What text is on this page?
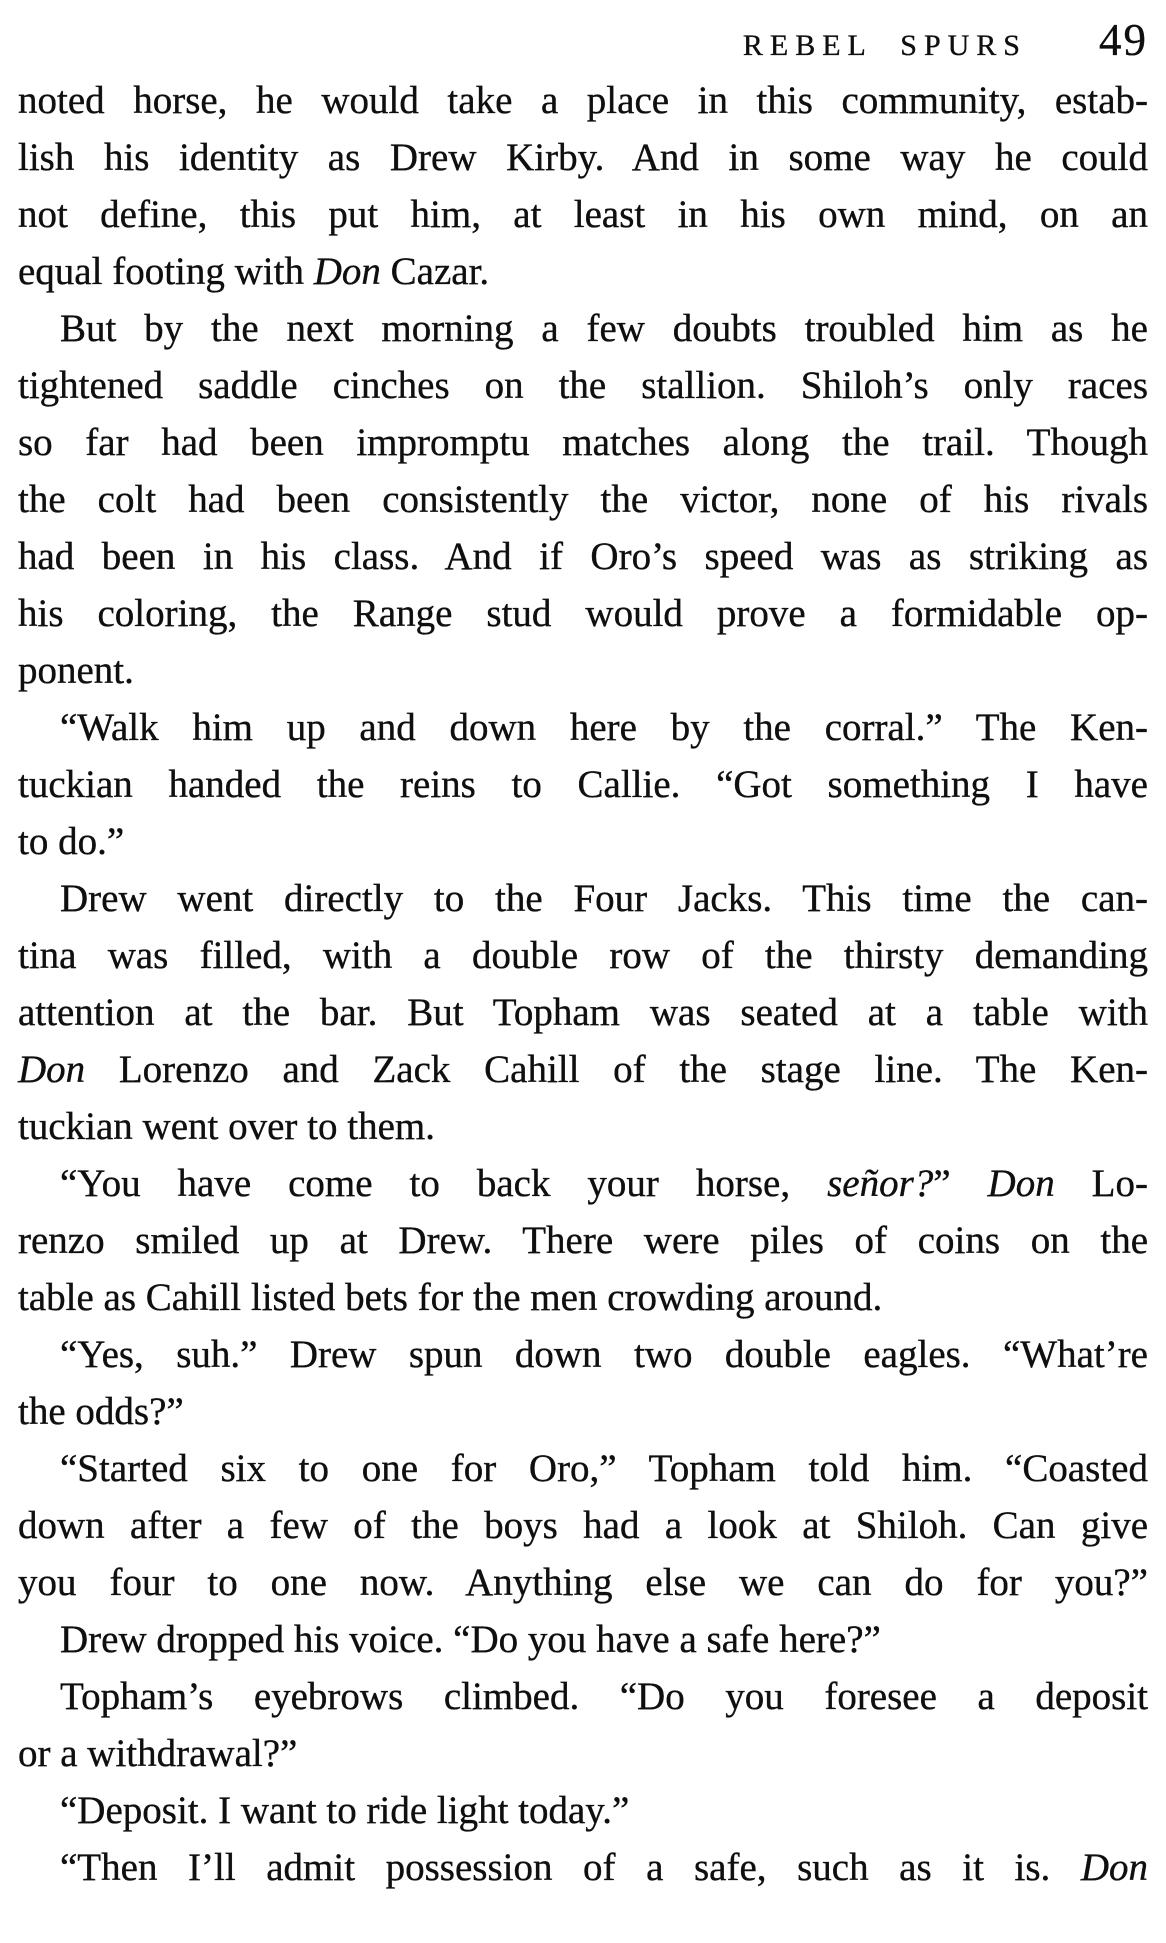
REBEL SPURS 49
noted horse, he would take a place in this community, estab-
lish his identity as Drew Kirby. And in some way he could
not define, this put him, at least in his own mind, on an
equal footing with Don Cazar.
But by the next morning a few doubts troubled him as he
tightened saddle cinches on the stallion. Shiloh’s only races
so far had been impromptu matches along the trail. Though
the colt had been consistently the victor, none of his rivals
had been in his class. And if Oro’s speed was as striking as
his coloring, the Range stud would prove a formidable op-
ponent.
“Walk him up and down here by the corral.” The Ken-
tuckian handed the reins to Callie. “Got something I have
to do.”
Drew went directly to the Four Jacks. This time the can-
tina was filled, with a double row of the thirsty demanding
attention at the bar. But Topham was seated at a table with
Don Lorenzo and Zack Cahill of the stage line. The Ken-
tuckian went over to them.
“You have come to back your horse, señor?” Don Lo-
renzo smiled up at Drew. There were piles of coins on the
table as Cahill listed bets for the men crowding around.
“Yes, suh.” Drew spun down two double eagles. “What’re
the odds?”
“Started six to one for Oro,” Topham told him. “Coasted
down after a few of the boys had a look at Shiloh. Can give
you four to one now. Anything else we can do for you?”
Drew dropped his voice. “Do you have a safe here?”
Topham’s eyebrows climbed. “Do you foresee a deposit
or a withdrawal?”
“Deposit. I want to ride light today.”
“Then I’ll admit possession of a safe, such as it is. Don
